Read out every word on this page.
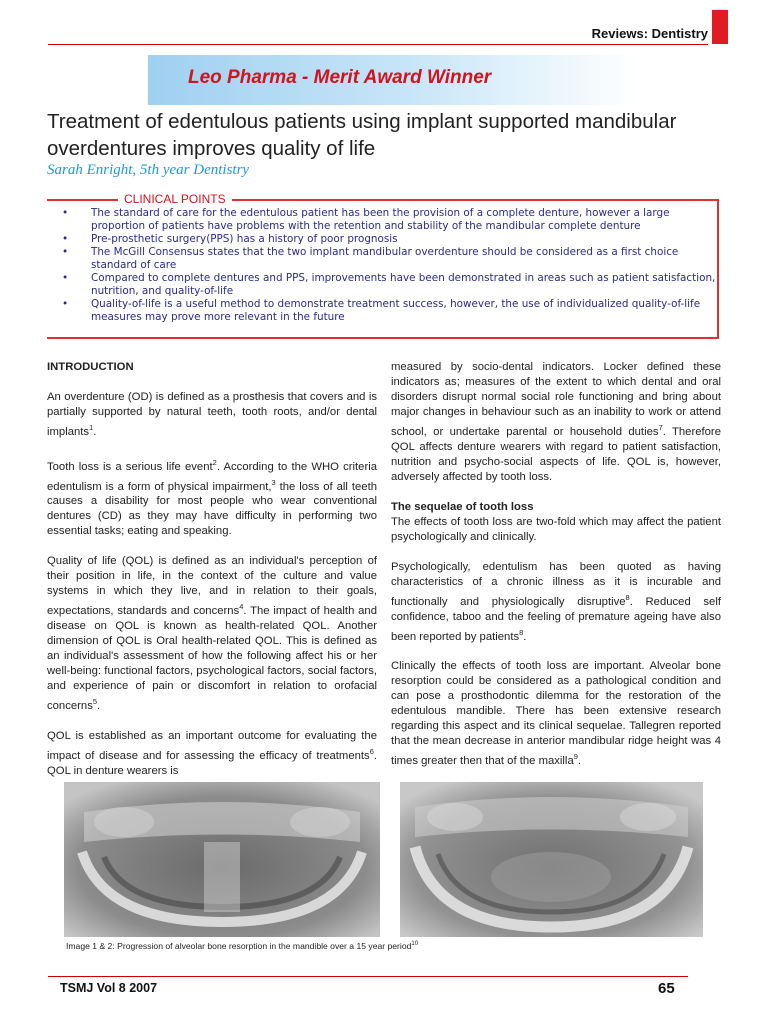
Reviews: Dentistry
Leo Pharma - Merit Award Winner
Treatment of edentulous patients using implant supported mandibular overdentures improves quality of life
Sarah Enright, 5th year Dentistry
CLINICAL POINTS
• The standard of care for the edentulous patient has been the provision of a complete denture, however a large proportion of patients have problems with the retention and stability of the mandibular complete denture
• Pre-prosthetic surgery(PPS) has a history of poor prognosis
• The McGill Consensus states that the two implant mandibular overdenture should be considered as a first choice standard of care
• Compared to complete dentures and PPS, improvements have been demonstrated in areas such as patient satisfaction, nutrition, and quality-of-life
• Quality-of-life is a useful method to demonstrate treatment success, however, the use of individualized quality-of-life measures may prove more relevant in the future
INTRODUCTION

An overdenture (OD) is defined as a prosthesis that covers and is partially supported by natural teeth, tooth roots, and/or dental implants$^1$.

Tooth loss is a serious life event$^2$. According to the WHO criteria edentulism is a form of physical impairment,$^3$ the loss of all teeth causes a disability for most people who wear conventional dentures (CD) as they may have difficulty in performing two essential tasks; eating and speaking.

Quality of life (QOL) is defined as an individual's perception of their position in life, in the context of the culture and value systems in which they live, and in relation to their goals, expectations, standards and concerns$^4$. The impact of health and disease on QOL is known as health-related QOL. Another dimension of QOL is Oral health-related QOL. This is defined as an individual's assessment of how the following affect his or her well-being: functional factors, psychological factors, social factors, and experience of pain or discomfort in relation to orofacial concerns$^5$.

QOL is established as an important outcome for evaluating the impact of disease and for assessing the efficacy of treatments$^6$. QOL in denture wearers is

measured by socio-dental indicators. Locker defined these indicators as; measures of the extent to which dental and oral disorders disrupt normal social role functioning and bring about major changes in behaviour such as an inability to work or attend school, or undertake parental or household duties$^7$. Therefore QOL affects denture wearers with regard to patient satisfaction, nutrition and psycho-social aspects of life. QOL is, however, adversely affected by tooth loss.

The sequelae of tooth loss

The effects of tooth loss are two-fold which may affect the patient psychologically and clinically.

Psychologically, edentulism has been quoted as having characteristics of a chronic illness as it is incurable and functionally and physiologically disruptive$^8$. Reduced self confidence, taboo and the feeling of premature ageing have also been reported by patients$^8$.

Clinically the effects of tooth loss are important. Alveolar bone resorption could be considered as a pathological condition and can pose a prosthodontic dilemma for the restoration of the edentulous mandible. There has been extensive research regarding this aspect and its clinical sequelae. Tallegren reported that the mean decrease in anterior mandibular ridge height was 4 times greater then that of the maxilla$^9$.

Image 1 & 2: Progression of alveolar bone resorption in the mandible over a 15 year period$^{10}$
TSMJ Vol 8 2007	65
